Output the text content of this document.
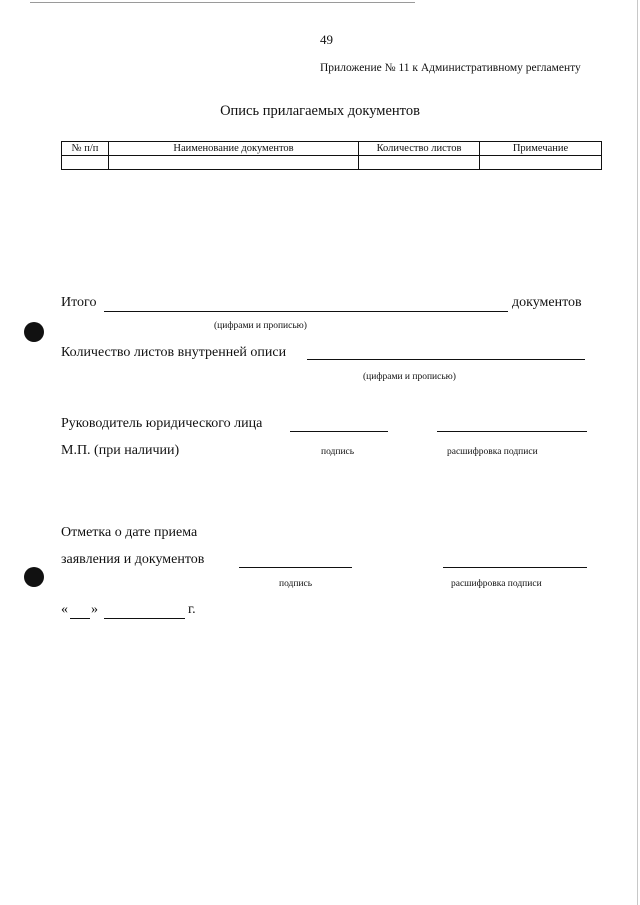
49
Приложение № 11 к Административному регламенту
Опись прилагаемых документов
№ п/п	Наименование документов	Количество листов	Примечание

Итого	документов
(цифрами и прописью)
Количество листов внутренней описи
(цифрами и прописью)
Руководитель юридического лица
М.П. (при наличии)	подпись	расшифровка подписи
Отметка о дате приема
заявления и документов
подпись	расшифровка подписи
« »	г.
